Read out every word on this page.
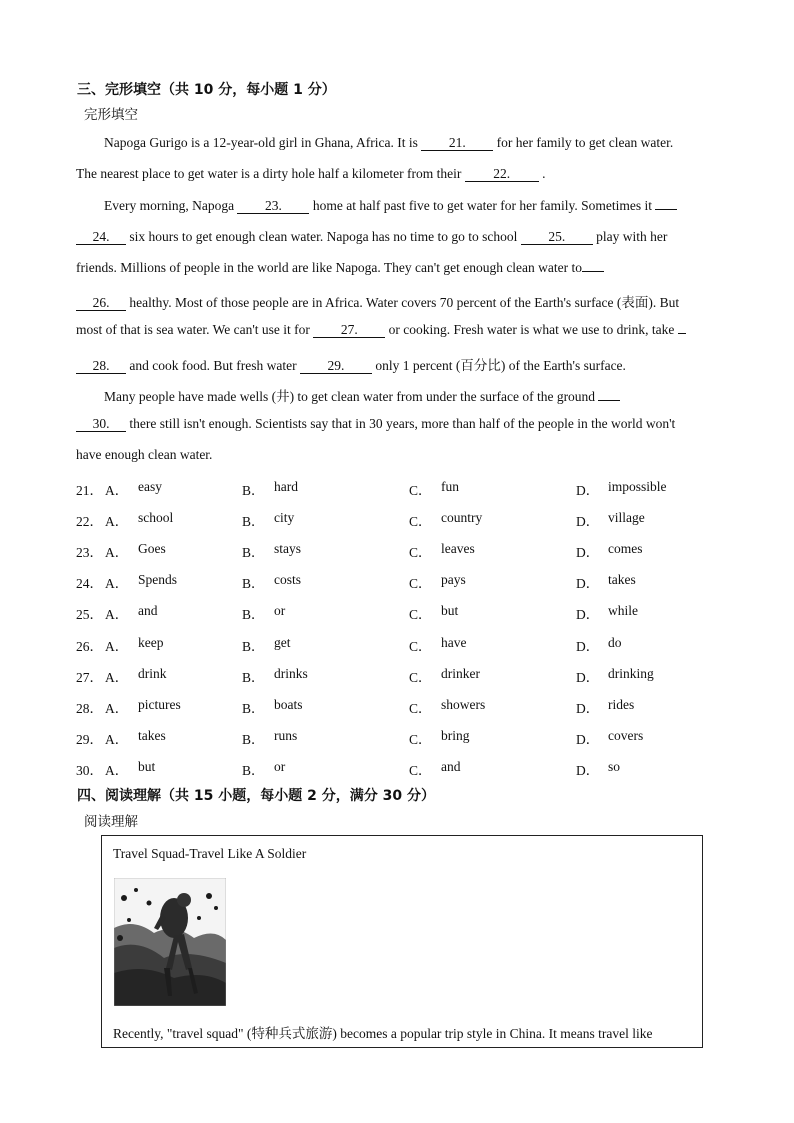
三、完形填空（共 10 分，每小题 1 分）
完形填空
Napoga Gurigo is a 12-year-old girl in Ghana, Africa. It is 21. for her family to get clean water.
The nearest place to get water is a dirty hole half a kilometer from their 22. .
Every morning, Napoga 23. home at half past five to get water for her family. Sometimes it
24. six hours to get enough clean water. Napoga has no time to go to school 25. play with her
friends. Millions of people in the world are like Napoga. They can't get enough clean water to
26. healthy. Most of those people are in Africa. Water covers 70 percent of the Earth's surface (表面). But
most of that is sea water. We can't use it for 27. or cooking. Fresh water is what we use to drink, take
28. and cook food. But fresh water 29. only 1 percent (百分比) of the Earth's surface.
Many people have made wells (井) to get clean water from under the surface of the ground
30. there still isn't enough. Scientists say that in 30 years, more than half of the people in the world won't
have enough clean water.
21． A． easy	B． hard	C． fun	D． impossible
22． A． school	B． city	C． country	D． village
23． A． Goes	B． stays	C． leaves	D． comes
24． A． Spends	B． costs	C． pays	D． takes
25． A． and	B． or	C． but	D． while
26． A． keep	B． get	C． have	D． do
27． A． drink	B． drinks	C． drinker	D． drinking
28． A． pictures	B． boats	C． showers	D． rides
29． A． takes	B． runs	C． bring	D． covers
30． A． but	B． or	C． and	D． so
四、阅读理解（共 15 小题，每小题 2 分，满分 30 分）
阅读理解
Travel Squad-Travel Like A Soldier
Recently, "travel squad" (特种兵式旅游) becomes a popular trip style in China. It means travel like
